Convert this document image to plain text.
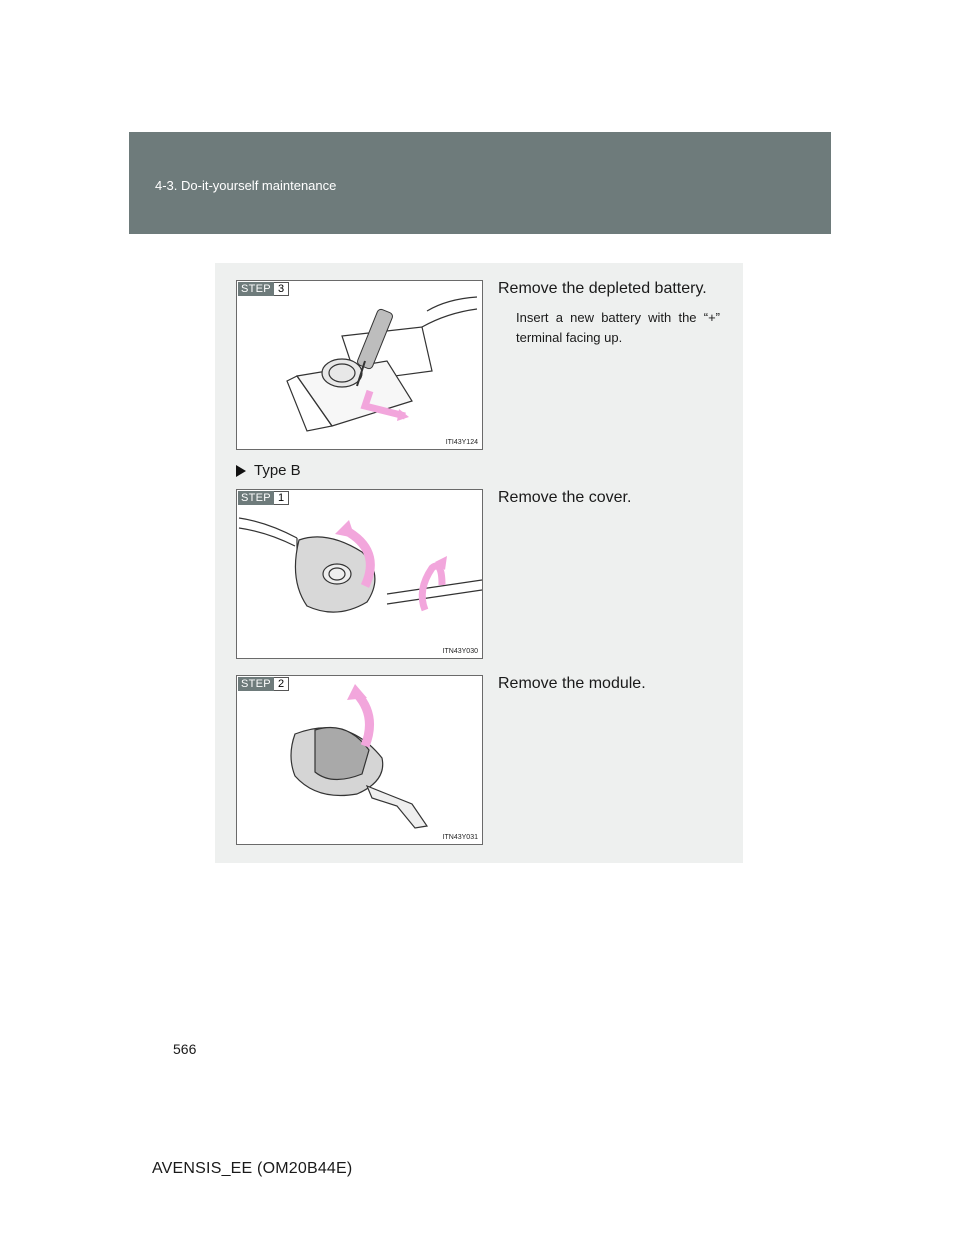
4-3. Do-it-yourself maintenance
STEP 3
ITI43Y124
Remove the depleted battery.
Insert a new battery with the “+” terminal facing up.
Type B
STEP 1
ITN43Y030
Remove the cover.
STEP 2
ITN43Y031
Remove the module.
566
AVENSIS_EE (OM20B44E)
